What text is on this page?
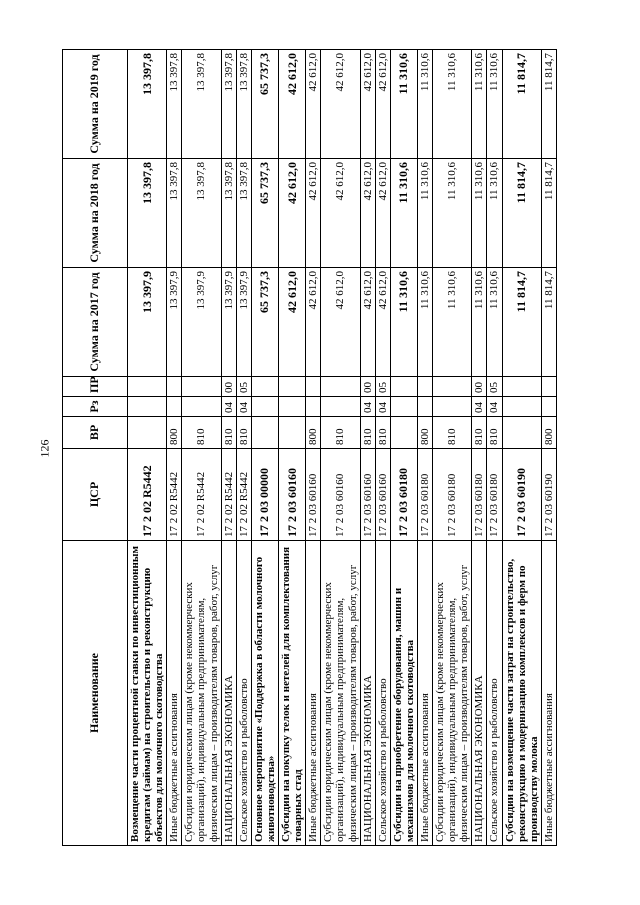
126
Наименование	ЦСР	ВР	Рз	ПР	Сумма на 2017 год	Сумма на 2018 год	Сумма на 2019 год
Возмещение части процентной ставки по инвестиционным кредитам (займам) на строительство и реконструкцию объектов для молочного скотоводства	17 2 02 R5442				13 397,9	13 397,8	13 397,8
Иные бюджетные ассигнования	17 2 02 R5442	800			13 397,9	13 397,8	13 397,8
Субсидии юридическим лицам (кроме некоммерческих организаций), индивидуальным предпринимателям, физическим лицам – производителям товаров, работ, услуг	17 2 02 R5442	810			13 397,9	13 397,8	13 397,8
НАЦИОНАЛЬНАЯ ЭКОНОМИКА	17 2 02 R5442	810	04	00	13 397,9	13 397,8	13 397,8
Сельское хозяйство и рыболовство	17 2 02 R5442	810	04	05	13 397,9	13 397,8	13 397,8
Основное мероприятие «Поддержка в области молочного животноводства»	17 2 03 00000				65 737,3	65 737,3	65 737,3
Субсидии на покупку телок и нетелей для комплектования товарных стад	17 2 03 60160				42 612,0	42 612,0	42 612,0
Иные бюджетные ассигнования	17 2 03 60160	800			42 612,0	42 612,0	42 612,0
Субсидии юридическим лицам (кроме некоммерческих организаций), индивидуальным предпринимателям, физическим лицам – производителям товаров, работ, услуг	17 2 03 60160	810			42 612,0	42 612,0	42 612,0
НАЦИОНАЛЬНАЯ ЭКОНОМИКА	17 2 03 60160	810	04	00	42 612,0	42 612,0	42 612,0
Сельское хозяйство и рыболовство	17 2 03 60160	810	04	05	42 612,0	42 612,0	42 612,0
Субсидии на приобретение оборудования, машин и механизмов для молочного скотоводства	17 2 03 60180				11 310,6	11 310,6	11 310,6
Иные бюджетные ассигнования	17 2 03 60180	800			11 310,6	11 310,6	11 310,6
Субсидии юридическим лицам (кроме некоммерческих организаций), индивидуальным предпринимателям, физическим лицам – производителям товаров, работ, услуг	17 2 03 60180	810			11 310,6	11 310,6	11 310,6
НАЦИОНАЛЬНАЯ ЭКОНОМИКА	17 2 03 60180	810	04	00	11 310,6	11 310,6	11 310,6
Сельское хозяйство и рыболовство	17 2 03 60180	810	04	05	11 310,6	11 310,6	11 310,6
Субсидии на возмещение части затрат на строительство, реконструкцию и модернизацию комплексов и ферм по производству молока	17 2 03 60190				11 814,7	11 814,7	11 814,7
Иные бюджетные ассигнования	17 2 03 60190	800			11 814,7	11 814,7	11 814,7
